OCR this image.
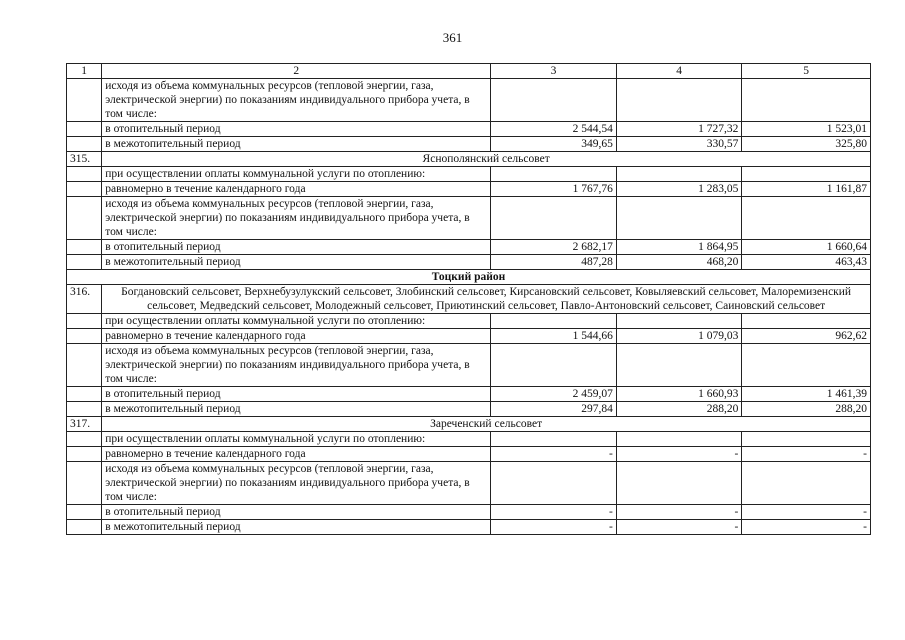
361
1	2	3	4	5
	исходя из объема коммунальных ресурсов (тепловой энергии, газа, электрической энергии) по показаниям индивидуального прибора учета, в том числе:			
	в отопительный период	2 544,54	1 727,32	1 523,01
	в межотопительный период	349,65	330,57	325,80
315.	Яснополянский сельсовет			
	при осуществлении оплаты коммунальной услуги по отоплению:			
	равномерно в течение календарного года	1 767,76	1 283,05	1 161,87
	исходя из объема коммунальных ресурсов (тепловой энергии, газа, электрической энергии) по показаниям индивидуального прибора учета, в том числе:			
	в отопительный период	2 682,17	1 864,95	1 660,64
	в межотопительный период	487,28	468,20	463,43
Тоцкий район				
316.	Богдановский сельсовет, Верхнебузулукский сельсовет, Злобинский сельсовет, Кирсановский сельсовет, Ковыляевский сельсовет, Малоремизенский сельсовет, Медведский сельсовет, Молодежный сельсовет, Приютинский сельсовет, Павло-Антоновский сельсовет, Саиновский сельсовет			
	при осуществлении оплаты коммунальной услуги по отоплению:			
	равномерно в течение календарного года	1 544,66	1 079,03	962,62
	исходя из объема коммунальных ресурсов (тепловой энергии, газа, электрической энергии) по показаниям индивидуального прибора учета, в том числе:			
	в отопительный период	2 459,07	1 660,93	1 461,39
	в межотопительный период	297,84	288,20	288,20
317.	Зареченский сельсовет			
	при осуществлении оплаты коммунальной услуги по отоплению:			
	равномерно в течение календарного года	-	-	-
	исходя из объема коммунальных ресурсов (тепловой энергии, газа, электрической энергии) по показаниям индивидуального прибора учета, в том числе:			
	в отопительный период	-	-	-
	в межотопительный период	-	-	-
